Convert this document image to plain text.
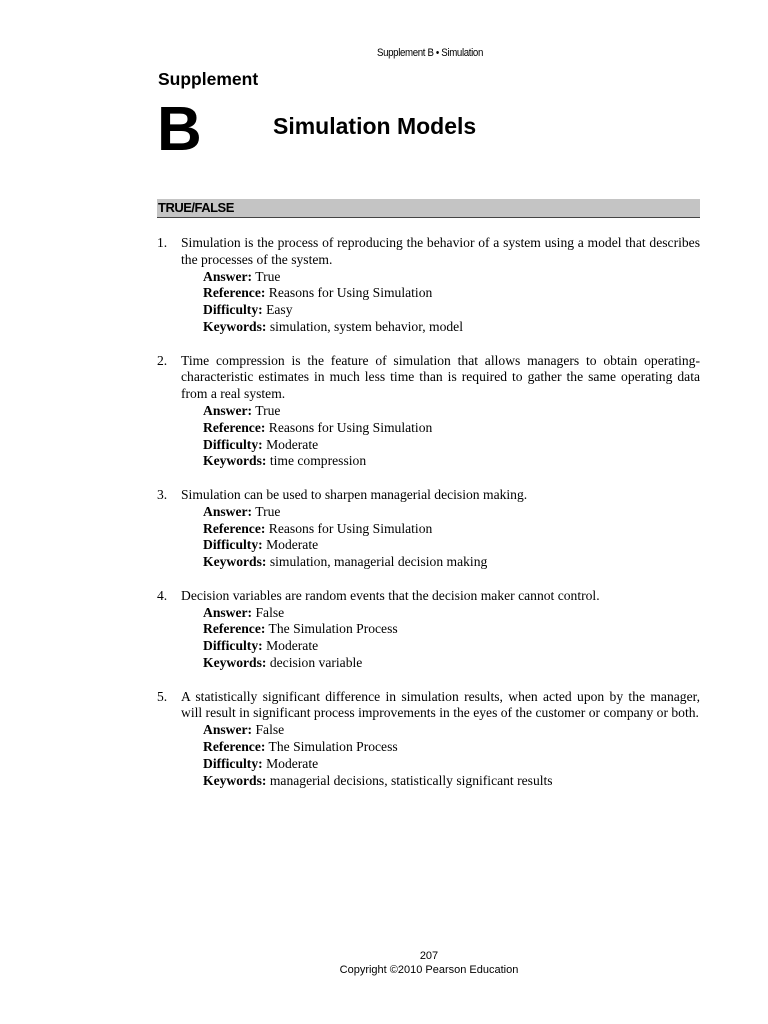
Supplement B • Simulation
Supplement
B	Simulation Models
TRUE/FALSE
1. Simulation is the process of reproducing the behavior of a system using a model that describes the processes of the system.
Answer: True
Reference: Reasons for Using Simulation
Difficulty: Easy
Keywords: simulation, system behavior, model
2. Time compression is the feature of simulation that allows managers to obtain operating-characteristic estimates in much less time than is required to gather the same operating data from a real system.
Answer: True
Reference: Reasons for Using Simulation
Difficulty: Moderate
Keywords: time compression
3. Simulation can be used to sharpen managerial decision making.
Answer: True
Reference: Reasons for Using Simulation
Difficulty: Moderate
Keywords: simulation, managerial decision making
4. Decision variables are random events that the decision maker cannot control.
Answer: False
Reference: The Simulation Process
Difficulty: Moderate
Keywords: decision variable
5. A statistically significant difference in simulation results, when acted upon by the manager, will result in significant process improvements in the eyes of the customer or company or both.
Answer: False
Reference: The Simulation Process
Difficulty: Moderate
Keywords: managerial decisions, statistically significant results
207
Copyright ©2010 Pearson Education
